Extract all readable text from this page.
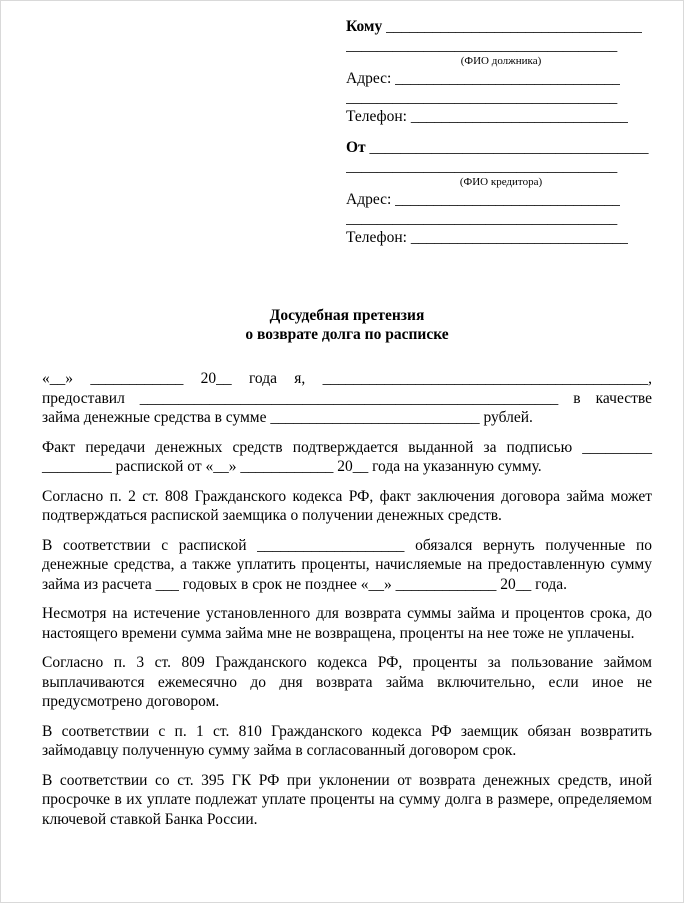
Кому _________________________________
___________________________________
(ФИО должника)
Адрес: _____________________________
___________________________________
Телефон: ____________________________
От ____________________________________
___________________________________
(ФИО кредитора)
Адрес: _____________________________
___________________________________
Телефон: ____________________________
Досудебная претензия
о возврате долга по расписке

«__» ____________ 20__ года я, __________________________________________, предоставил ______________________________________________________ в качестве займа денежные средства в сумме ___________________________ рублей.

Факт передачи денежных средств подтверждается выданной за подписью _________ _________ распиской от «__» ____________ 20__ года на указанную сумму.

Согласно п. 2 ст. 808 Гражданского кодекса РФ, факт заключения договора займа может подтверждаться распиской заемщика о получении денежных средств.

В соответствии с распиской ___________________ обязался вернуть полученные по денежные средства, а также уплатить проценты, начисляемые на предоставленную сумму займа из расчета ___ годовых в срок не позднее «__» _____________ 20__ года.

Несмотря на истечение установленного для возврата суммы займа и процентов срока, до настоящего времени сумма займа мне не возвращена, проценты на нее тоже не уплачены.

Согласно п. 3 ст. 809 Гражданского кодекса РФ, проценты за пользование займом выплачиваются ежемесячно до дня возврата займа включительно, если иное не предусмотрено договором.

В соответствии с п. 1 ст. 810 Гражданского кодекса РФ заемщик обязан возвратить займодавцу полученную сумму займа в согласованный договором срок.

В соответствии со ст. 395 ГК РФ при уклонении от возврата денежных средств, иной просрочке в их уплате подлежат уплате проценты на сумму долга в размере, определяемом ключевой ставкой Банка России.
